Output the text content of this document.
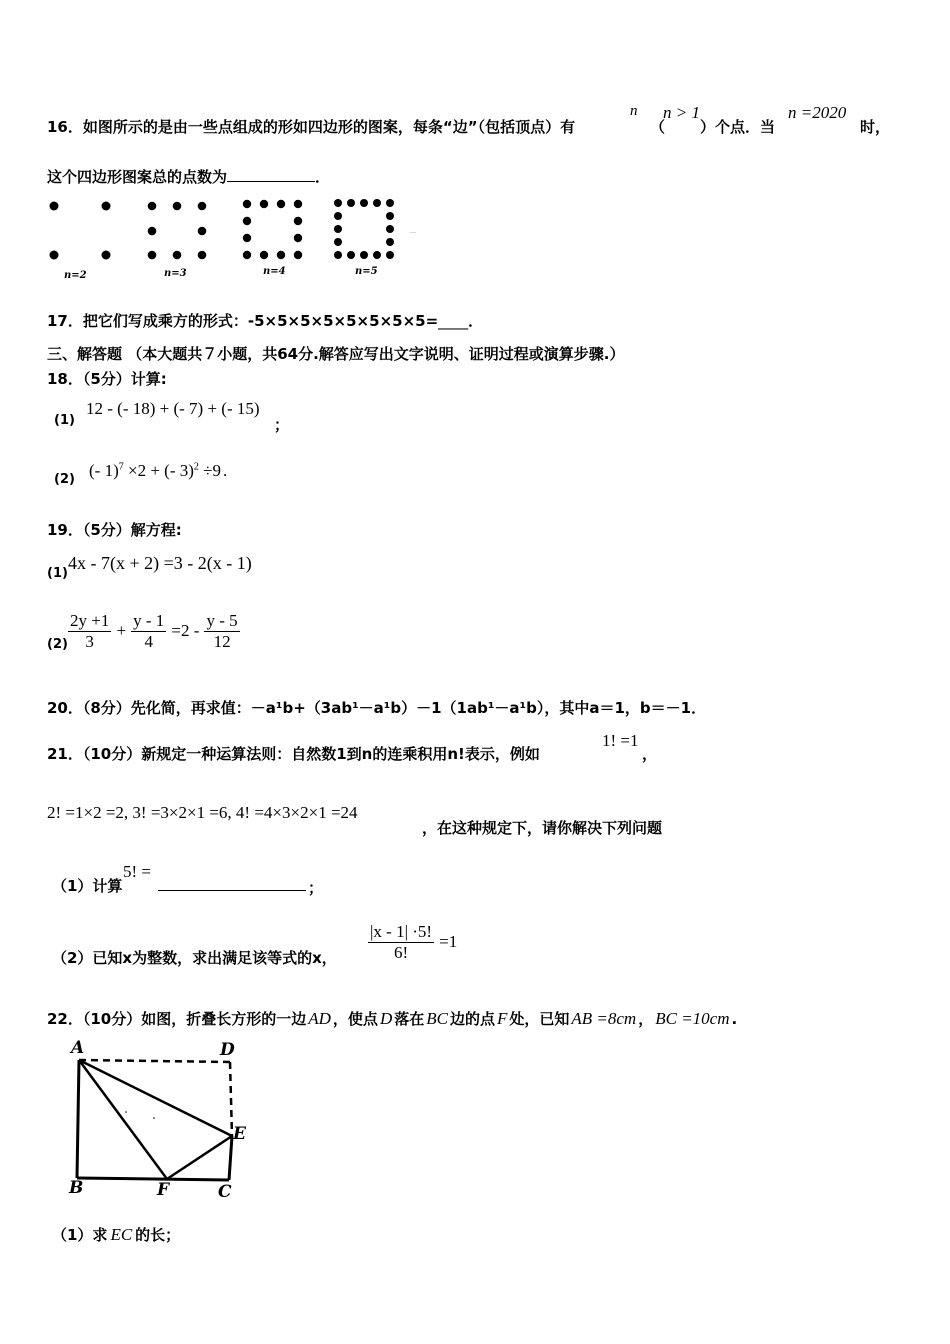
16．如图所示的是由一些点组成的形如四边形的图案，每条“边”（包括顶点）有
n
（
n > 1
）个点．当
n =2020
时，
这个四边形图案总的点数为	．
n=2	n=3	n=4	n=5
…
17．把它们写成乘方的形式：-5×5×5×5×5×5×5×5=____．
三、解答题 （本大题共７小题，共64分.解答应写出文字说明、证明过程或演算步骤.）
18．（5分）计算:
(1)
12 - (- 18) + (- 7) + (- 15)
；
(2) (- 1)$^7$ ×2 + (- 3)$^2$ ÷9 .
19．（5分）解方程:
(1)
4x - 7(x + 2) =3 - 2(x - 1)
$(2) \frac{2y +1}{3} + \frac{y - 1}{4} =2 - \frac{y - 5}{12}$
20．（8分）先化简，再求值：－a¹b+（3ab¹－a¹b）－1（1ab¹－a¹b），其中a＝1，b＝－1．
21．（10分）新规定一种运算法则：自然数1到n的连乘积用n!表示，例如
1! =1
，
2! =1×2 =2, 3! =3×2×1 =6, 4! =4×3×2×1 =24
，在这种规定下，请你解决下列问题
（1）计算
5! =
；
（2）已知x为整数，求出满足该等式的x， $\frac{|x - 1| \cdot 5!}{6!} =1$
22．（10分）如图，折叠长方形的一边 AD ，使点 D 落在 BC 边的点 F 处，已知 AB =8cm ， BC =10cm .
A	D
E
B	F	C
（1）求 EC 的长；
